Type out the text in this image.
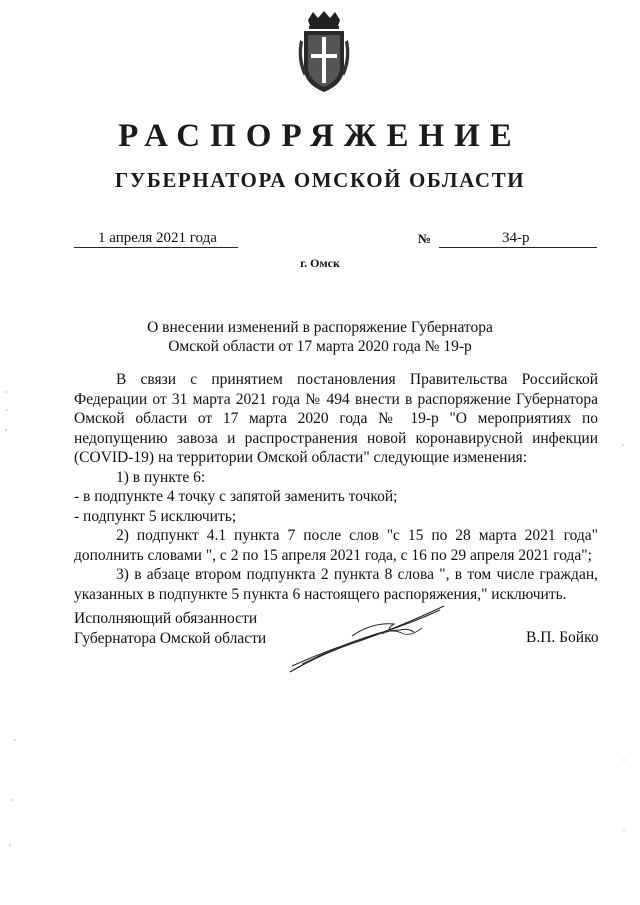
РАСПОРЯЖЕНИЕ
ГУБЕРНАТОРА ОМСКОЙ ОБЛАСТИ
1 апреля 2021 года	№	34-р
г. Омск
О внесении изменений в распоряжение Губернатора
Омской области от 17 марта 2020 года № 19-р

В связи с принятием постановления Правительства Российской Федерации от 31 марта 2021 года № 494 внести в распоряжение Губернатора Омской области от 17 марта 2020 года № 19-р "О мероприятиях по недопущению завоза и распространения новой коронавирусной инфекции (COVID-19) на территории Омской области" следующие изменения:

1) в пункте 6:

- в подпункте 4 точку с запятой заменить точкой;

- подпункт 5 исключить;

2) подпункт 4.1 пункта 7 после слов "с 15 по 28 марта 2021 года" дополнить словами ", с 2 по 15 апреля 2021 года, с 16 по 29 апреля 2021 года";

3) в абзаце втором подпункта 2 пункта 8 слова ", в том числе граждан, указанных в подпункте 5 пункта 6 настоящего распоряжения," исключить.

Исполняющий обязанности
Губернатора Омской области	В.П. Бойко
